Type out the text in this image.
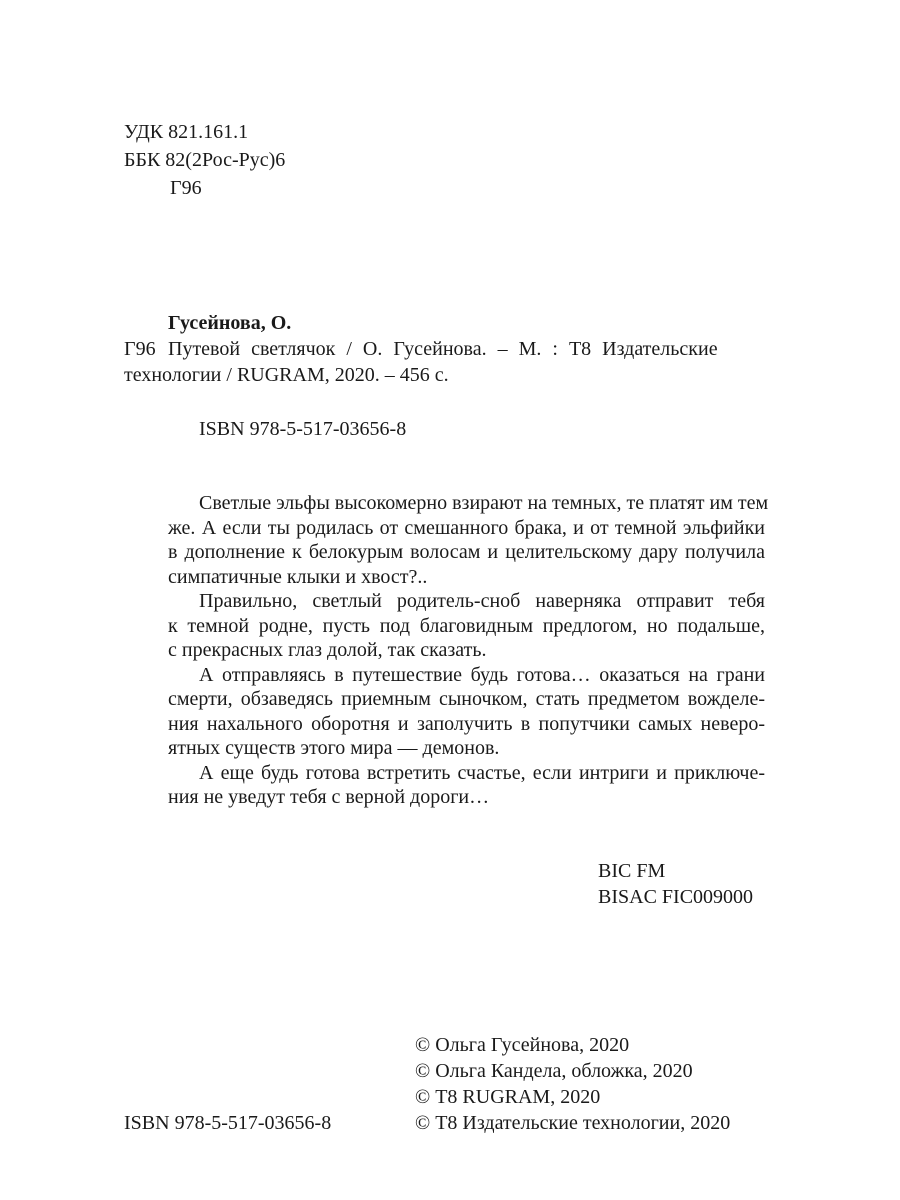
УДК 821.161.1
ББК 82(2Рос-Рус)6
Г96
Гусейнова, О.
Г96 Путевой светлячок / О. Гусейнова. – М. : Т8 Издательские
технологии / RUGRAM, 2020. – 456 с.
ISBN 978-5-517-03656-8

Светлые эльфы высокомерно взирают на темных, те платят им тем
же. А если ты родилась от смешанного брака, и от темной эльфийки
в дополнение к белокурым волосам и целительскому дару получила
симпатичные клыки и хвост?..

Правильно, светлый родитель-сноб наверняка отправит тебя
к темной родне, пусть под благовидным предлогом, но подальше,
с прекрасных глаз долой, так сказать.

А отправляясь в путешествие будь готова… оказаться на грани
смерти, обзаведясь приемным сыночком, стать предметом вожделе-
ния нахального оборотня и заполучить в попутчики самых неверо-
ятных существ этого мира — демонов.

А еще будь готова встретить счастье, если интриги и приключе-
ния не уведут тебя с верной дороги…

BIC FM
BISAC FIC009000
© Ольга Гусейнова, 2020
© Ольга Кандела, обложка, 2020
© Т8 RUGRAM, 2020
© Т8 Издательские технологии, 2020
ISBN 978-5-517-03656-8
